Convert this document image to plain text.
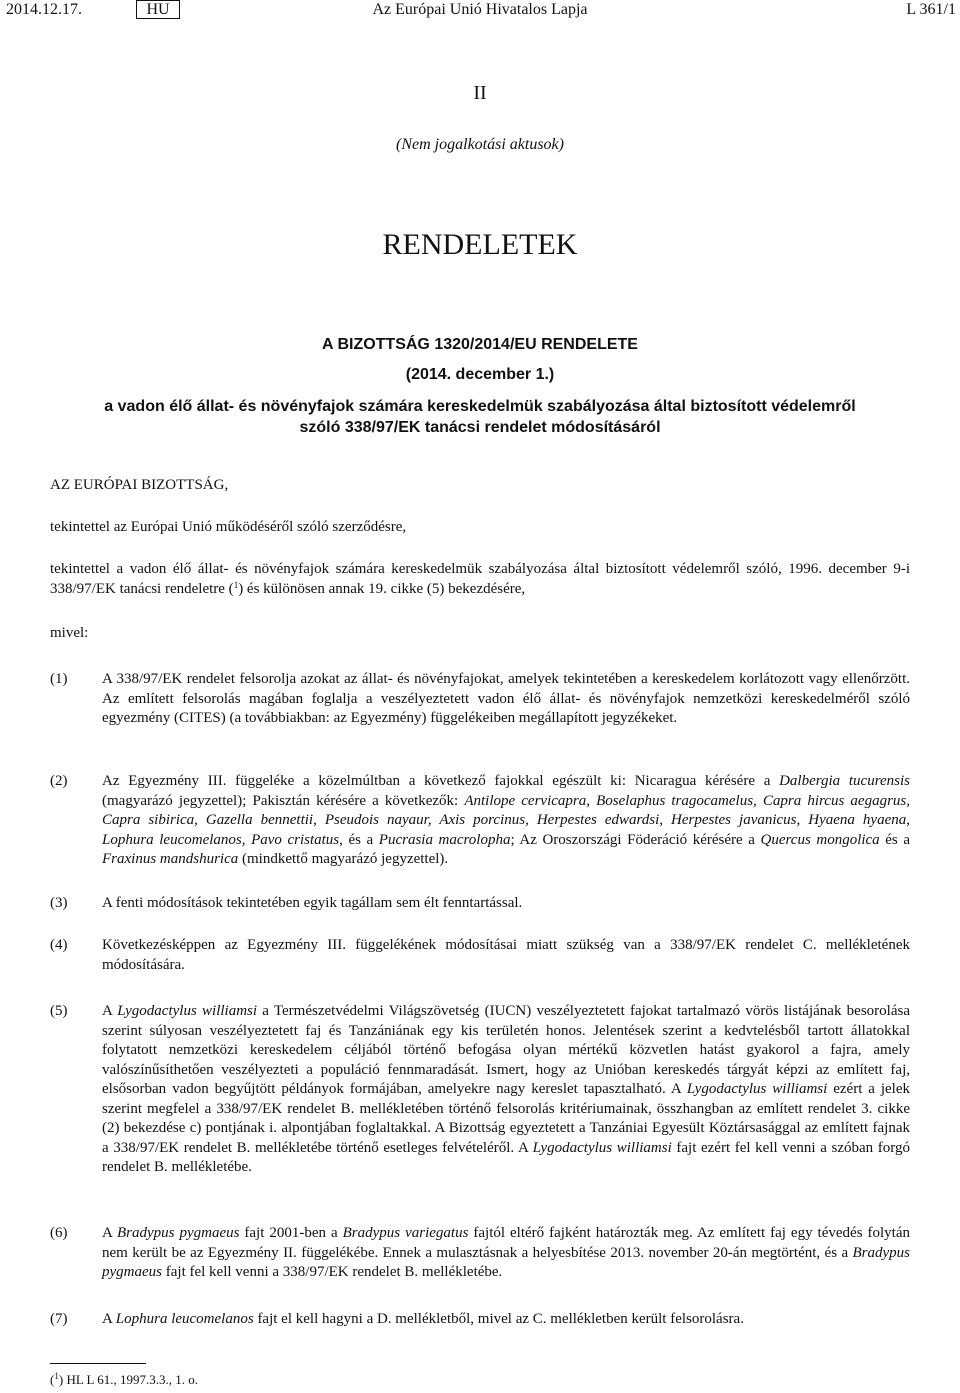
2014.12.17.	HU	Az Európai Unió Hivatalos Lapja	L 361/1
II
(Nem jogalkotási aktusok)
RENDELETEK
A BIZOTTSÁG 1320/2014/EU RENDELETE
(2014. december 1.)
a vadon élő állat- és növényfajok számára kereskedelmük szabályozása által biztosított védelemről
szóló 338/97/EK tanácsi rendelet módosításáról
AZ EURÓPAI BIZOTTSÁG,
tekintettel az Európai Unió működéséről szóló szerződésre,
tekintettel a vadon élő állat- és növényfajok számára kereskedelmük szabályozása által biztosított védelemről szóló, 1996. december 9-i 338/97/EK tanácsi rendeletre ($^1$) és különösen annak 19. cikke (5) bekezdésére,
mivel:
(1)	A 338/97/EK rendelet felsorolja azokat az állat- és növényfajokat, amelyek tekintetében a kereskedelem korlátozott vagy ellenőrzött. Az említett felsorolás magában foglalja a veszélyeztetett vadon élő állat- és növényfajok nemzetközi kereskedelméről szóló egyezmény (CITES) (a továbbiakban: az Egyezmény) függelékeiben megállapított jegyzékeket.
(2)	Az Egyezmény III. függeléke a közelmúltban a következő fajokkal egészült ki: Nicaragua kérésére a Dalbergia tucurensis (magyarázó jegyzettel); Pakisztán kérésére a következők: Antilope cervicapra, Boselaphus tragocamelus, Capra hircus aegagrus, Capra sibirica, Gazella bennettii, Pseudois nayaur, Axis porcinus, Herpestes edwardsi, Herpestes javanicus, Hyaena hyaena, Lophura leucomelanos, Pavo cristatus, és a Pucrasia macrolopha; Az Oroszországi Föderáció kérésére a Quercus mongolica és a Fraxinus mandshurica (mindkettő magyarázó jegyzettel).
(3)	A fenti módosítások tekintetében egyik tagállam sem élt fenntartással.
(4)	Következésképpen az Egyezmény III. függelékének módosításai miatt szükség van a 338/97/EK rendelet C. mellékletének módosítására.
(5)	A Lygodactylus williamsi a Természetvédelmi Világszövetség (IUCN) veszélyeztetett fajokat tartalmazó vörös listájának besorolása szerint súlyosan veszélyeztetett faj és Tanzániának egy kis területén honos. Jelentések szerint a kedvtelésből tartott állatokkal folytatott nemzetközi kereskedelem céljából történő befogása olyan mértékű közvetlen hatást gyakorol a fajra, amely valószínűsíthetően veszélyezteti a populáció fennmaradását. Ismert, hogy az Unióban kereskedés tárgyát képzi az említett faj, elsősorban vadon begyűjtött példányok formájában, amelyekre nagy kereslet tapasztalható. A Lygodactylus williamsi ezért a jelek szerint megfelel a 338/97/EK rendelet B. mellékletében történő felsorolás kritériumainak, összhangban az említett rendelet 3. cikke (2) bekezdése c) pontjának i. alpontjában foglaltakkal. A Bizottság egyeztetett a Tanzániai Egyesült Köztársasággal az említett fajnak a 338/97/EK rendelet B. mellékletébe történő esetleges felvételéről. A Lygodactylus williamsi fajt ezért fel kell venni a szóban forgó rendelet B. mellékletébe.
(6)	A Bradypus pygmaeus fajt 2001-ben a Bradypus variegatus fajtól eltérő fajként határozták meg. Az említett faj egy tévedés folytán nem került be az Egyezmény II. függelékébe. Ennek a mulasztásnak a helyesbítése 2013. november 20-án megtörtént, és a Bradypus pygmaeus fajt fel kell venni a 338/97/EK rendelet B. mellékletébe.
(7)	A Lophura leucomelanos fajt el kell hagyni a D. mellékletből, mivel az C. mellékletben került felsorolásra.
($^1$) HL L 61., 1997.3.3., 1. o.
